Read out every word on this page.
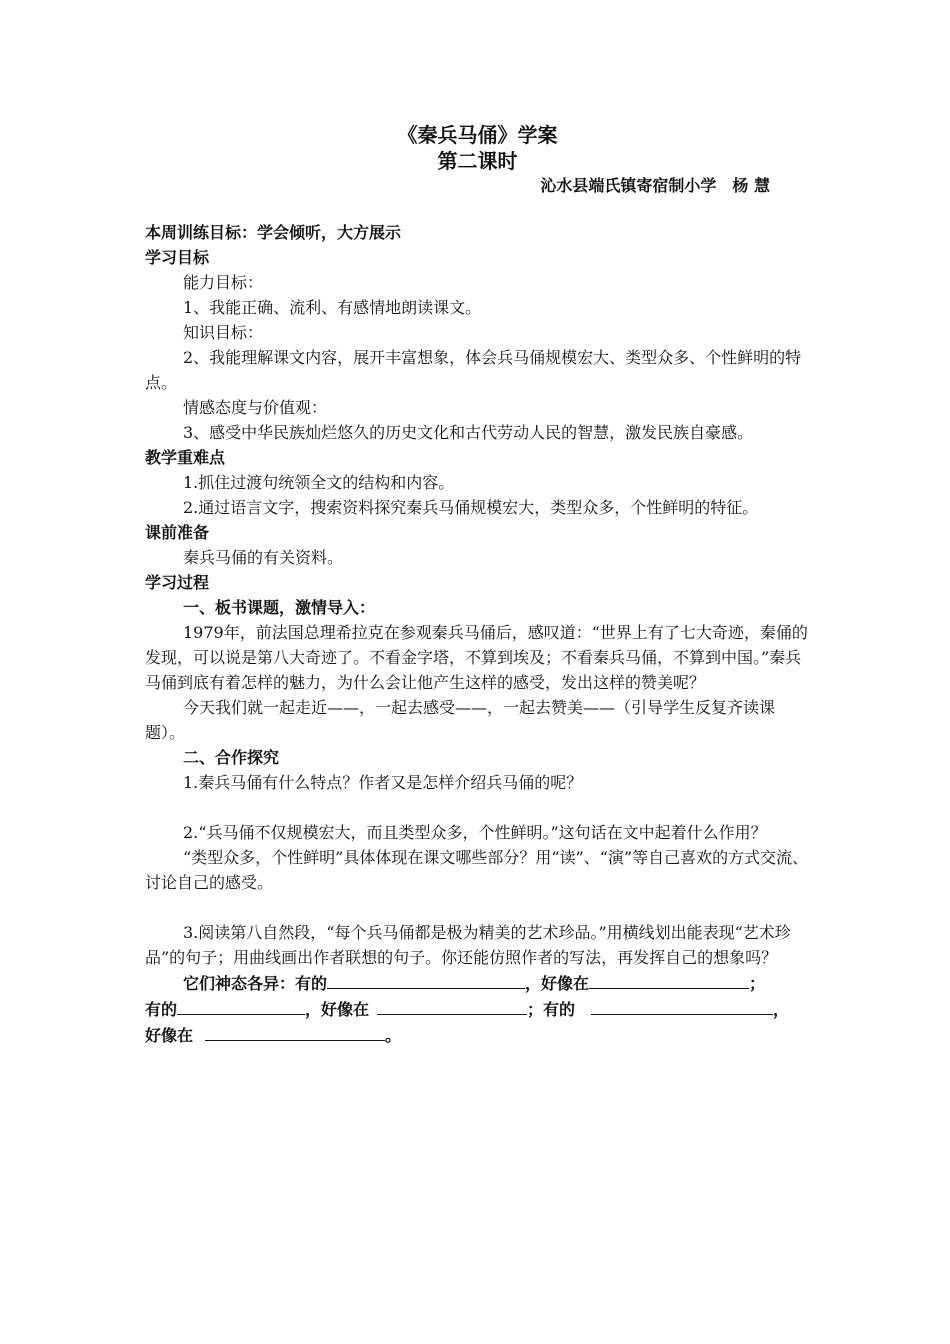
《秦兵马俑》学案
第二课时
沁水县端氏镇寄宿制小学　杨 慧

本周训练目标：学会倾听，大方展示

学习目标

能力目标：

1、我能正确、流利、有感情地朗读课文。

知识目标：

2、我能理解课文内容，展开丰富想象，体会兵马俑规模宏大、类型众多、个性鲜明的特点。

情感态度与价值观：

3、感受中华民族灿烂悠久的历史文化和古代劳动人民的智慧，激发民族自豪感。

教学重难点

1.抓住过渡句统领全文的结构和内容。

2.通过语言文字，搜索资料探究秦兵马俑规模宏大，类型众多，个性鲜明的特征。

课前准备

秦兵马俑的有关资料。

学习过程

一、板书课题，激情导入：

1979年，前法国总理希拉克在参观秦兵马俑后，感叹道：“世界上有了七大奇迹，秦俑的发现，可以说是第八大奇迹了。不看金字塔，不算到埃及；不看秦兵马俑，不算到中国。”秦兵马俑到底有着怎样的魅力，为什么会让他产生这样的感受，发出这样的赞美呢？

今天我们就一起走近——，一起去感受——，一起去赞美——（引导学生反复齐读课题）。

二、合作探究

1.秦兵马俑有什么特点？作者又是怎样介绍兵马俑的呢？

2.“兵马俑不仅规模宏大，而且类型众多，个性鲜明。”这句话在文中起着什么作用？

“类型众多，个性鲜明”具体体现在课文哪些部分？用“读”、“演”等自己喜欢的方式交流、讨论自己的感受。

3.阅读第八自然段，“每个兵马俑都是极为精美的艺术珍品。”用横线划出能表现“艺术珍品”的句子；用曲线画出作者联想的句子。你还能仿照作者的写法，再发挥自己的想象吗？

它们神态各异：有的	，好像在	；
有的	，好像在	；有的	，
好像在	。
